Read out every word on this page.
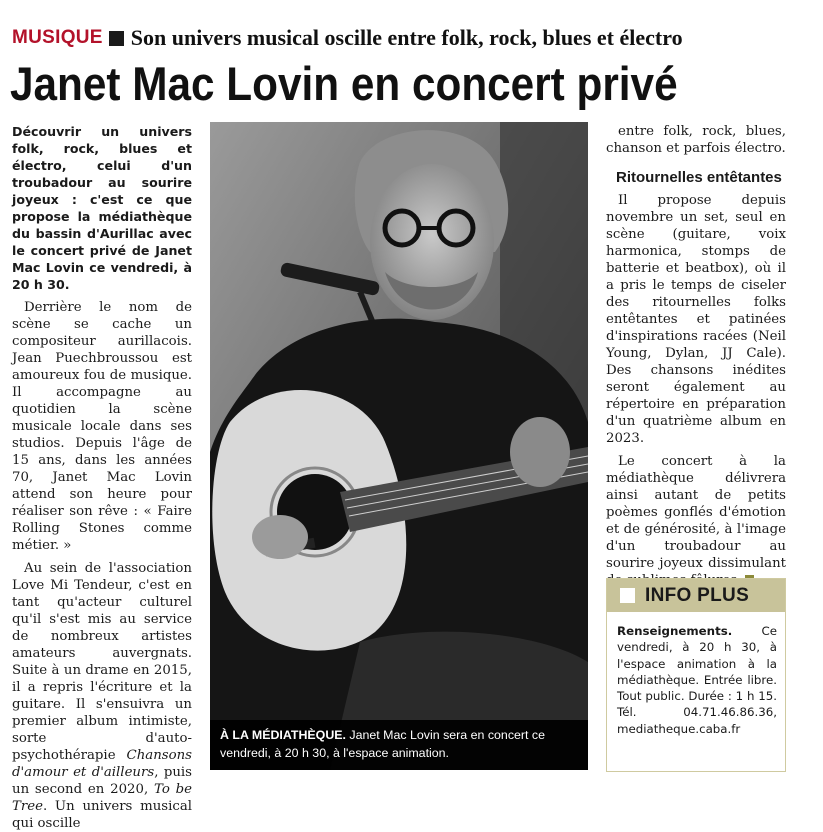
MUSIQUE Son univers musical oscille entre folk, rock, blues et électro
Janet Mac Lovin en concert privé

Découvrir un univers folk, rock, blues et électro, celui d'un troubadour au sourire joyeux : c'est ce que propose la médiathèque du bassin d'Aurillac avec le concert privé de Janet Mac Lovin ce vendredi, à 20 h 30.

Derrière le nom de scène se cache un compositeur aurillacois. Jean Puechbroussou est amoureux fou de musique. Il accompagne au quotidien la scène musicale locale dans ses studios. Depuis l'âge de 15 ans, dans les années 70, Janet Mac Lovin attend son heure pour réaliser son rêve : « Faire Rolling Stones comme métier. »

Au sein de l'association Love Mi Tendeur, c'est en tant qu'acteur culturel qu'il s'est mis au service de nombreux artistes amateurs auvergnats. Suite à un drame en 2015, il a repris l'écriture et la guitare. Il s'ensuivra un premier album intimiste, sorte d'auto-psychothérapie Chansons d'amour et d'ailleurs, puis un second en 2020, To be Tree. Un univers musical qui oscille

À LA MÉDIATHÈQUE. Janet Mac Lovin sera en concert ce vendredi, à 20 h 30, à l'espace animation.

entre folk, rock, blues, chanson et parfois électro.

Ritournelles entêtantes

Il propose depuis novembre un set, seul en scène (guitare, voix harmonica, stomps de batterie et beatbox), où il a pris le temps de ciseler des ritournelles folks entêtantes et patinées d'inspirations racées (Neil Young, Dylan, JJ Cale). Des chansons inédites seront également au répertoire en préparation d'un quatrième album en 2023.

Le concert à la médiathèque délivrera ainsi autant de petits poèmes gonflés d'émotion et de générosité, à l'image d'un troubadour au sourire joyeux dissimulant

INFO PLUS

Renseignements. Ce vendredi, à 20 h 30, à l'espace animation à la médiathèque. Entrée libre. Tout public. Durée : 1 h 15. Tél. 04.71.46.86.36, mediatheque.caba.fr
